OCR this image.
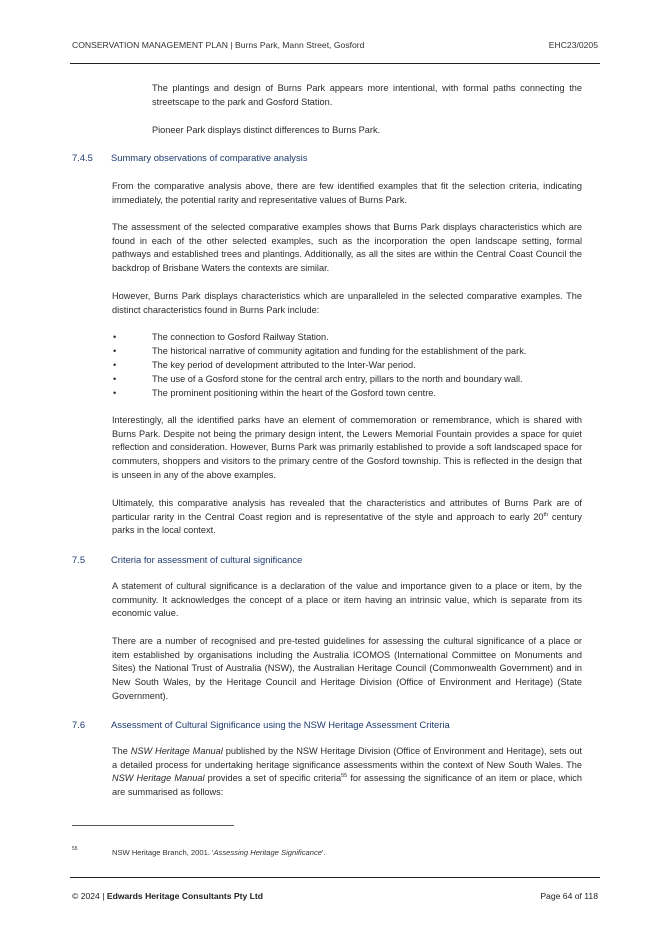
CONSERVATION MANAGEMENT PLAN | Burns Park, Mann Street, Gosford	EHC23/0205

The plantings and design of Burns Park appears more intentional, with formal paths connecting the streetscape to the park and Gosford Station.

Pioneer Park displays distinct differences to Burns Park.

7.4.5 Summary observations of comparative analysis

From the comparative analysis above, there are few identified examples that fit the selection criteria, indicating immediately, the potential rarity and representative values of Burns Park.

The assessment of the selected comparative examples shows that Burns Park displays characteristics which are found in each of the other selected examples, such as the incorporation the open landscape setting, formal pathways and established trees and plantings. Additionally, as all the sites are within the Central Coast Council the backdrop of Brisbane Waters the contexts are similar.

However, Burns Park displays characteristics which are unparalleled in the selected comparative examples. The distinct characteristics found in Burns Park include:

•	The connection to Gosford Railway Station.
•	The historical narrative of community agitation and funding for the establishment of the park.
•	The key period of development attributed to the Inter-War period.
•	The use of a Gosford stone for the central arch entry, pillars to the north and boundary wall.
•	The prominent positioning within the heart of the Gosford town centre.

Interestingly, all the identified parks have an element of commemoration or remembrance, which is shared with Burns Park. Despite not being the primary design intent, the Lewers Memorial Fountain provides a space for quiet reflection and consideration. However, Burns Park was primarily established to provide a soft landscaped space for commuters, shoppers and visitors to the primary centre of the Gosford township. This is reflected in the design that is unseen in any of the above examples.

Ultimately, this comparative analysis has revealed that the characteristics and attributes of Burns Park are of particular rarity in the Central Coast region and is representative of the style and approach to early 20th century parks in the local context.

7.5	Criteria for assessment of cultural significance

A statement of cultural significance is a declaration of the value and importance given to a place or item, by the community. It acknowledges the concept of a place or item having an intrinsic value, which is separate from its economic value.

There are a number of recognised and pre-tested guidelines for assessing the cultural significance of a place or item established by organisations including the Australia ICOMOS (International Committee on Monuments and Sites) the National Trust of Australia (NSW), the Australian Heritage Council (Commonwealth Government) and in New South Wales, by the Heritage Council and Heritage Division (Office of Environment and Heritage) (State Government).

7.6	Assessment of Cultural Significance using the NSW Heritage Assessment Criteria

The NSW Heritage Manual published by the NSW Heritage Division (Office of Environment and Heritage), sets out a detailed process for undertaking heritage significance assessments within the context of New South Wales. The NSW Heritage Manual provides a set of specific criteria$^{55}$ for assessing the significance of an item or place, which are summarised as follows:

55	NSW Heritage Branch, 2001. 'Assessing Heritage Significance'.
© 2024 | Edwards Heritage Consultants Pty Ltd	Page 64 of 118
